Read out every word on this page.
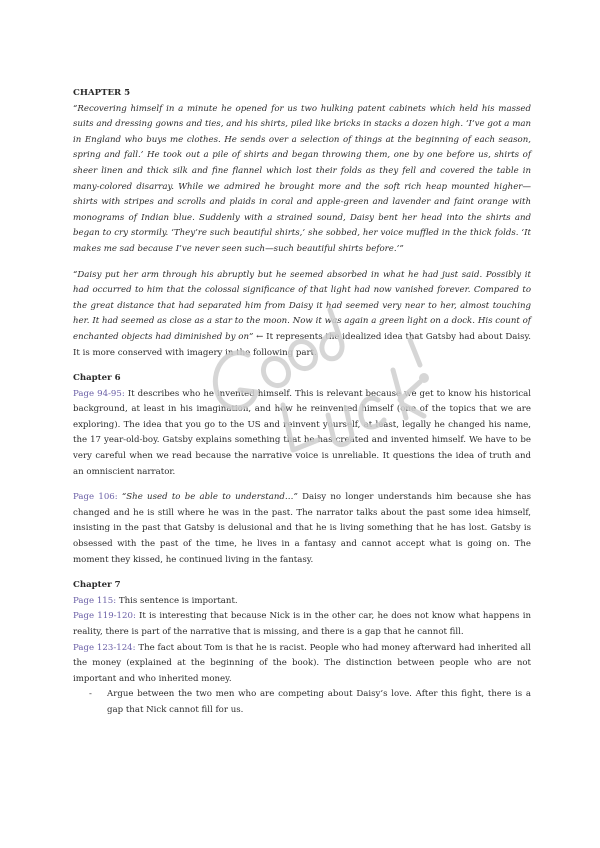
CHAPTER 5

“Recovering himself in a minute he opened for us two hulking patent cabinets which held his massed suits and dressing gowns and ties, and his shirts, piled like bricks in stacks a dozen high. ‘I’ve got a man in England who buys me clothes. He sends over a selection of things at the beginning of each season, spring and fall.’ He took out a pile of shirts and began throwing them, one by one before us, shirts of sheer linen and thick silk and fine flannel which lost their folds as they fell and covered the table in many-colored disarray. While we admired he brought more and the soft rich heap mounted higher—shirts with stripes and scrolls and plaids in coral and apple-green and lavender and faint orange with monograms of Indian blue. Suddenly with a strained sound, Daisy bent her head into the shirts and began to cry stormily. ‘They’re such beautiful shirts,’ she sobbed, her voice muffled in the thick folds. ‘It makes me sad because I’ve never seen such—such beautiful shirts before.’”

“Daisy put her arm through his abruptly but he seemed absorbed in what he had just said. Possibly it had occurred to him that the colossal significance of that light had now vanished forever. Compared to the great distance that had separated him from Daisy it had seemed very near to her, almost touching her. It had seemed as close as a star to the moon. Now it was again a green light on a dock. His count of enchanted objects had diminished by on” ← It represents the idealized idea that Gatsby had about Daisy. It is more conserved with imagery in the following part.

Chapter 6

Page 94-95: It describes who he invented himself. This is relevant because we get to know his historical background, at least in his imagination, and how he reinvented himself (one of the topics that we are exploring). The idea that you go to the US and reinvent yourself, at least, legally he changed his name, the 17 year-old-boy. Gatsby explains something that he has created and invented himself. We have to be very careful when we read because the narrative voice is unreliable. It questions the idea of truth and an omniscient narrator.

Page 106: “She used to be able to understand…” Daisy no longer understands him because she has changed and he is still where he was in the past. The narrator talks about the past some idea himself, insisting in the past that Gatsby is delusional and that he is living something that he has lost. Gatsby is obsessed with the past of the time, he lives in a fantasy and cannot accept what is going on. The moment they kissed, he continued living in the fantasy.

Chapter 7

Page 115: This sentence is important.

Page 119-120: It is interesting that because Nick is in the other car, he does not know what happens in reality, there is part of the narrative that is missing, and there is a gap that he cannot fill.

Page 123-124: The fact about Tom is that he is racist. People who had money afterward had inherited all the money (explained at the beginning of the book). The distinction between people who are not important and who inherited money.

-	Argue between the two men who are competing about Daisy’s love. After this fight, there is a gap that Nick cannot fill for us.
